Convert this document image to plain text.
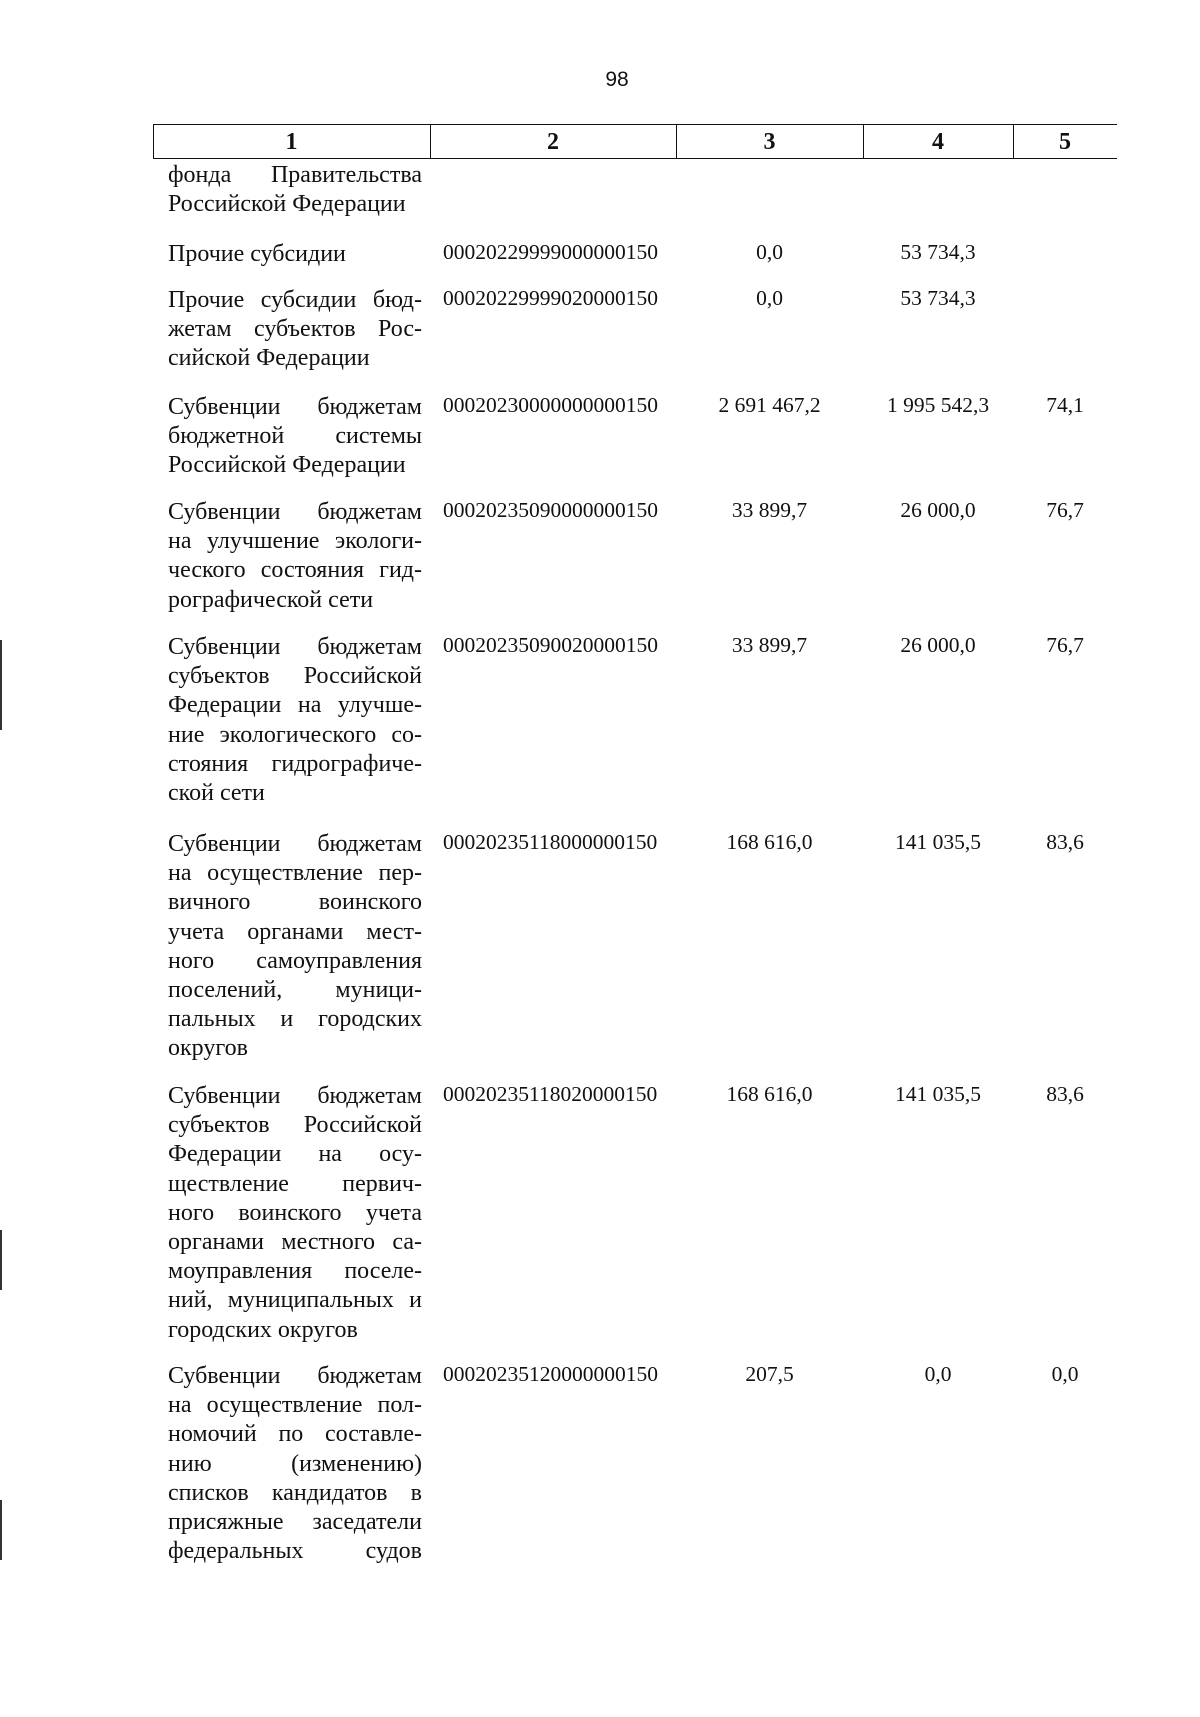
98
1	2	3	4	5
фонда Правительства
Российской Федерации
Прочие субсидии	00020229999000000150	0,0	53 734,3
Прочие субсидии бюд-
жетам субъектов Рос-
сийской Федерации
00020229999020000150	0,0	53 734,3
Субвенции бюджетам
бюджетной системы
Российской Федерации
00020230000000000150	2 691 467,2	1 995 542,3	74,1
Субвенции бюджетам
на улучшение экологи-
ческого состояния гид-
рографической сети
00020235090000000150	33 899,7	26 000,0	76,7
Субвенции бюджетам
субъектов Российской
Федерации на улучше-
ние экологического со-
стояния гидрографиче-
ской сети
00020235090020000150	33 899,7	26 000,0	76,7
Субвенции бюджетам
на осуществление пер-
вичного воинского
учета органами мест-
ного самоуправления
поселений, муници-
пальных и городских
округов
00020235118000000150	168 616,0	141 035,5	83,6
Субвенции бюджетам
субъектов Российской
Федерации на осу-
ществление первич-
ного воинского учета
органами местного са-
моуправления поселе-
ний, муниципальных и
городских округов
00020235118020000150	168 616,0	141 035,5	83,6
Субвенции бюджетам
на осуществление пол-
номочий по составле-
нию (изменению)
списков кандидатов в
присяжные заседатели
федеральных судов
00020235120000000150	207,5	0,0	0,0
